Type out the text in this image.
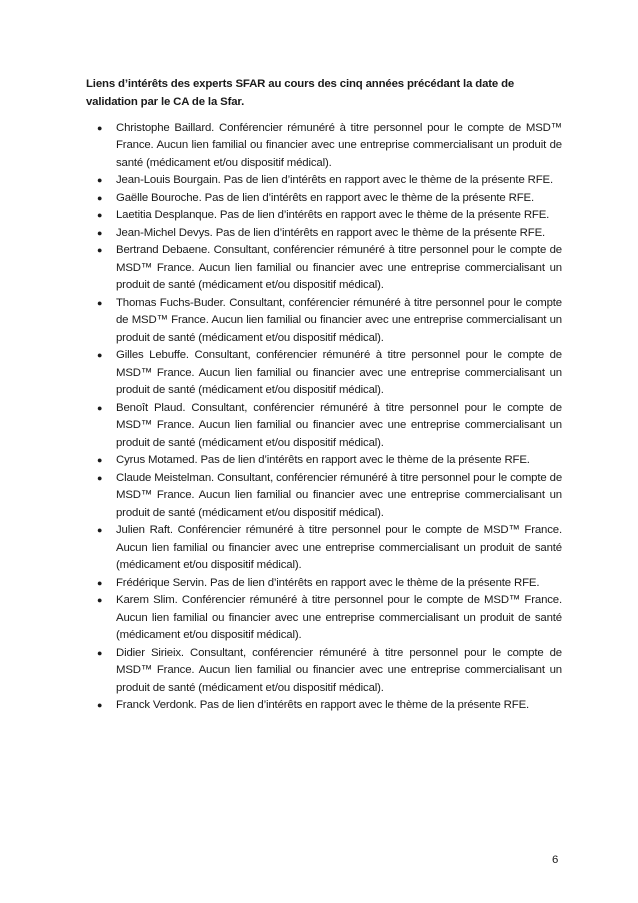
Liens d’intérêts des experts SFAR au cours des cinq années précédant la date de validation par le CA de la Sfar.

● Christophe Baillard. Conférencier rémunéré à titre personnel pour le compte de MSD™ France. Aucun lien familial ou financier avec une entreprise commercialisant un produit de santé (médicament et/ou dispositif médical).
● Jean-Louis Bourgain. Pas de lien d’intérêts en rapport avec le thème de la présente RFE.
● Gaëlle Bouroche. Pas de lien d’intérêts en rapport avec le thème de la présente RFE.
● Laetitia Desplanque. Pas de lien d’intérêts en rapport avec le thème de la présente RFE.
● Jean-Michel Devys. Pas de lien d’intérêts en rapport avec le thème de la présente RFE.
● Bertrand Debaene. Consultant, conférencier rémunéré à titre personnel pour le compte de MSD™ France. Aucun lien familial ou financier avec une entreprise commercialisant un produit de santé (médicament et/ou dispositif médical).
● Thomas Fuchs-Buder. Consultant, conférencier rémunéré à titre personnel pour le compte de MSD™ France. Aucun lien familial ou financier avec une entreprise commercialisant un produit de santé (médicament et/ou dispositif médical).
● Gilles Lebuffe. Consultant, conférencier rémunéré à titre personnel pour le compte de MSD™ France. Aucun lien familial ou financier avec une entreprise commercialisant un produit de santé (médicament et/ou dispositif médical).
● Benoît Plaud. Consultant, conférencier rémunéré à titre personnel pour le compte de MSD™ France. Aucun lien familial ou financier avec une entreprise commercialisant un produit de santé (médicament et/ou dispositif médical).
● Cyrus Motamed. Pas de lien d’intérêts en rapport avec le thème de la présente RFE.
● Claude Meistelman. Consultant, conférencier rémunéré à titre personnel pour le compte de MSD™ France. Aucun lien familial ou financier avec une entreprise commercialisant un produit de santé (médicament et/ou dispositif médical).
● Julien Raft. Conférencier rémunéré à titre personnel pour le compte de MSD™ France. Aucun lien familial ou financier avec une entreprise commercialisant un produit de santé (médicament et/ou dispositif médical).
● Frédérique Servin. Pas de lien d’intérêts en rapport avec le thème de la présente RFE.
● Karem Slim. Conférencier rémunéré à titre personnel pour le compte de MSD™ France. Aucun lien familial ou financier avec une entreprise commercialisant un produit de santé (médicament et/ou dispositif médical).
● Didier Sirieix. Consultant, conférencier rémunéré à titre personnel pour le compte de MSD™ France. Aucun lien familial ou financier avec une entreprise commercialisant un produit de santé (médicament et/ou dispositif médical).
● Franck Verdonk. Pas de lien d’intérêts en rapport avec le thème de la présente RFE.
6
